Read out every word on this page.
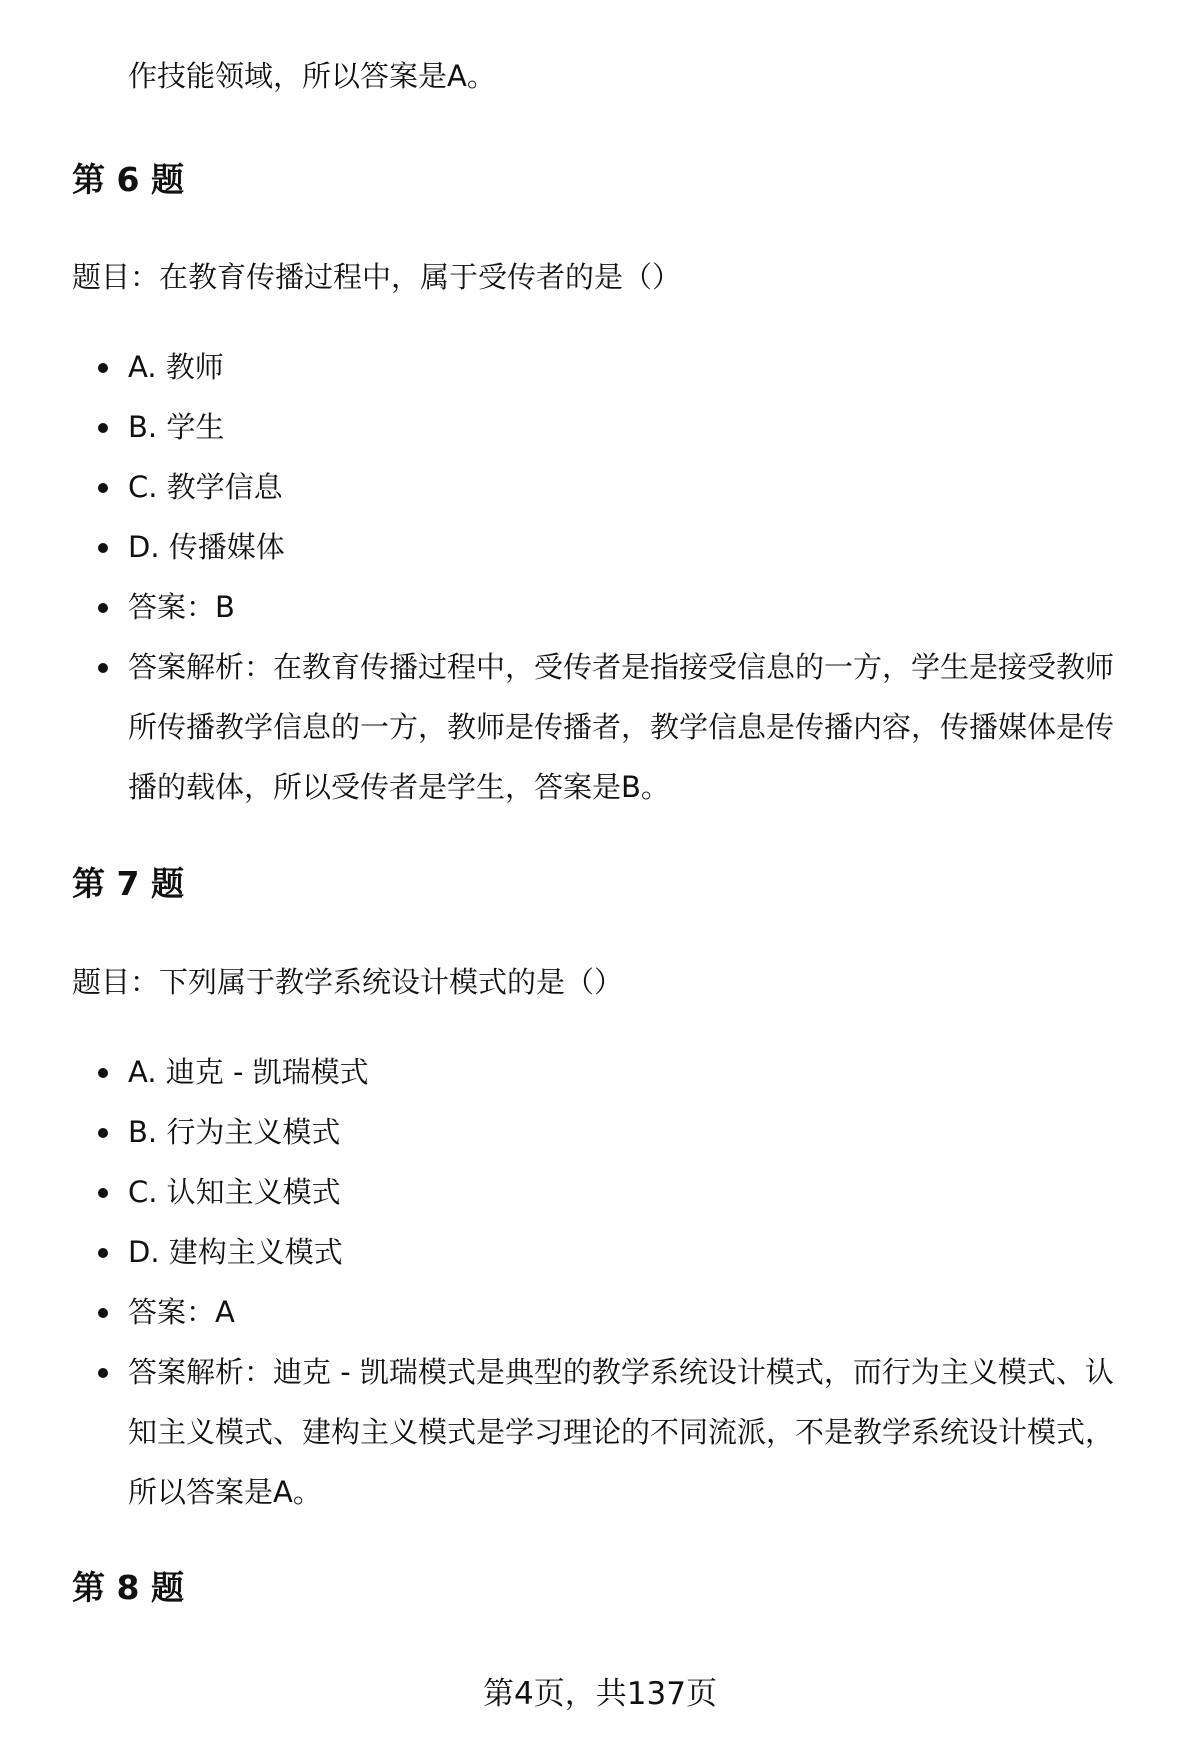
作技能领域，所以答案是A。

第 6 题

题目：在教育传播过程中，属于受传者的是（）

A. 教师
B. 学生
C. 教学信息
D. 传播媒体
答案：B
答案解析：在教育传播过程中，受传者是指接受信息的一方，学生是接受教师所传播教学信息的一方，教师是传播者，教学信息是传播内容，传播媒体是传播的载体，所以受传者是学生，答案是B。
第 7 题

题目：下列属于教学系统设计模式的是（）

A. 迪克 - 凯瑞模式
B. 行为主义模式
C. 认知主义模式
D. 建构主义模式
答案：A
答案解析：迪克 - 凯瑞模式是典型的教学系统设计模式，而行为主义模式、认知主义模式、建构主义模式是学习理论的不同流派，不是教学系统设计模式，所以答案是A。
第 8 题

第4页，共137页
